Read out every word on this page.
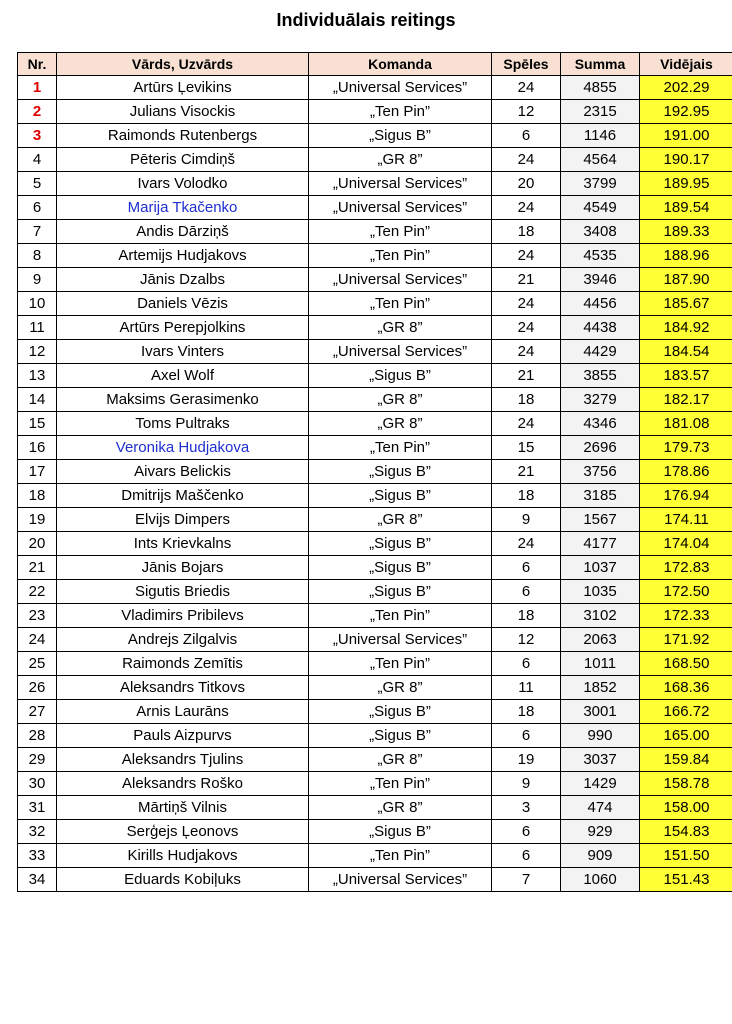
Individuālais reitings
Nr.	Vārds, Uzvārds	Komanda	Spēles	Summa	Vidējais
1	Artūrs Ļevikins	„Universal Services”	24	4855	202.29
2	Julians Visockis	„Ten Pin”	12	2315	192.95
3	Raimonds Rutenbergs	„Sigus B”	6	1146	191.00
4	Pēteris Cimdiņš	„GR 8”	24	4564	190.17
5	Ivars Volodko	„Universal Services”	20	3799	189.95
6	Marija Tkačenko	„Universal Services”	24	4549	189.54
7	Andis Dārziņš	„Ten Pin”	18	3408	189.33
8	Artemijs Hudjakovs	„Ten Pin”	24	4535	188.96
9	Jānis Dzalbs	„Universal Services”	21	3946	187.90
10	Daniels Vēzis	„Ten Pin”	24	4456	185.67
11	Artūrs Perepjolkins	„GR 8”	24	4438	184.92
12	Ivars Vinters	„Universal Services”	24	4429	184.54
13	Axel Wolf	„Sigus B”	21	3855	183.57
14	Maksims Gerasimenko	„GR 8”	18	3279	182.17
15	Toms Pultraks	„GR 8”	24	4346	181.08
16	Veronika Hudjakova	„Ten Pin”	15	2696	179.73
17	Aivars Belickis	„Sigus B”	21	3756	178.86
18	Dmitrijs Maščenko	„Sigus B”	18	3185	176.94
19	Elvijs Dimpers	„GR 8”	9	1567	174.11
20	Ints Krievkalns	„Sigus B”	24	4177	174.04
21	Jānis Bojars	„Sigus B”	6	1037	172.83
22	Sigutis Briedis	„Sigus B”	6	1035	172.50
23	Vladimirs Pribilevs	„Ten Pin”	18	3102	172.33
24	Andrejs Zilgalvis	„Universal Services”	12	2063	171.92
25	Raimonds Zemītis	„Ten Pin”	6	1011	168.50
26	Aleksandrs Titkovs	„GR 8”	11	1852	168.36
27	Arnis Laurāns	„Sigus B”	18	3001	166.72
28	Pauls Aizpurvs	„Sigus B”	6	990	165.00
29	Aleksandrs Tjulins	„GR 8”	19	3037	159.84
30	Aleksandrs Roško	„Ten Pin”	9	1429	158.78
31	Mārtiņš Vilnis	„GR 8”	3	474	158.00
32	Serģejs Ļeonovs	„Sigus B”	6	929	154.83
33	Kirills Hudjakovs	„Ten Pin”	6	909	151.50
34	Eduards Kobiļuks	„Universal Services”	7	1060	151.43
